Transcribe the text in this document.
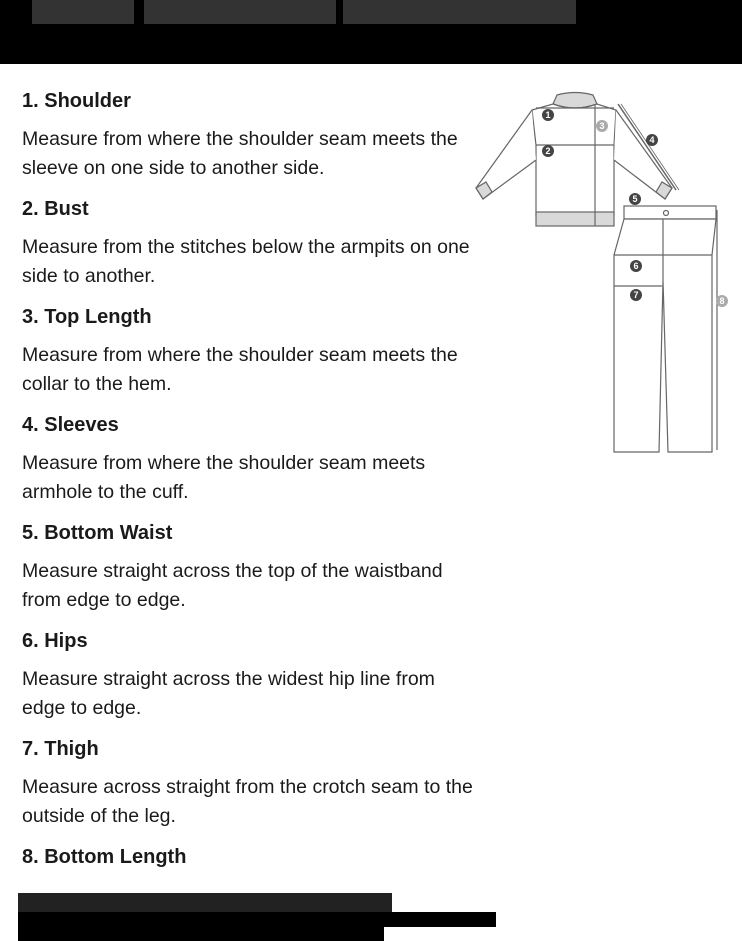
1. Shoulder

Measure from where the shoulder seam meets the sleeve on one side to another side.

2. Bust

Measure from the stitches below the armpits on one side to another.

3. Top Length

Measure from where the shoulder seam meets the collar to the hem.

4. Sleeves

Measure from where the shoulder seam meets armhole to the cuff.

5. Bottom Waist

Measure straight across the top of the waistband from edge to edge.

6. Hips

Measure straight across the widest hip line from edge to edge.

7. Thigh

Measure across straight from the crotch seam to the outside of the leg.

8. Bottom Length
1
2
3
4
5
6
7
8
